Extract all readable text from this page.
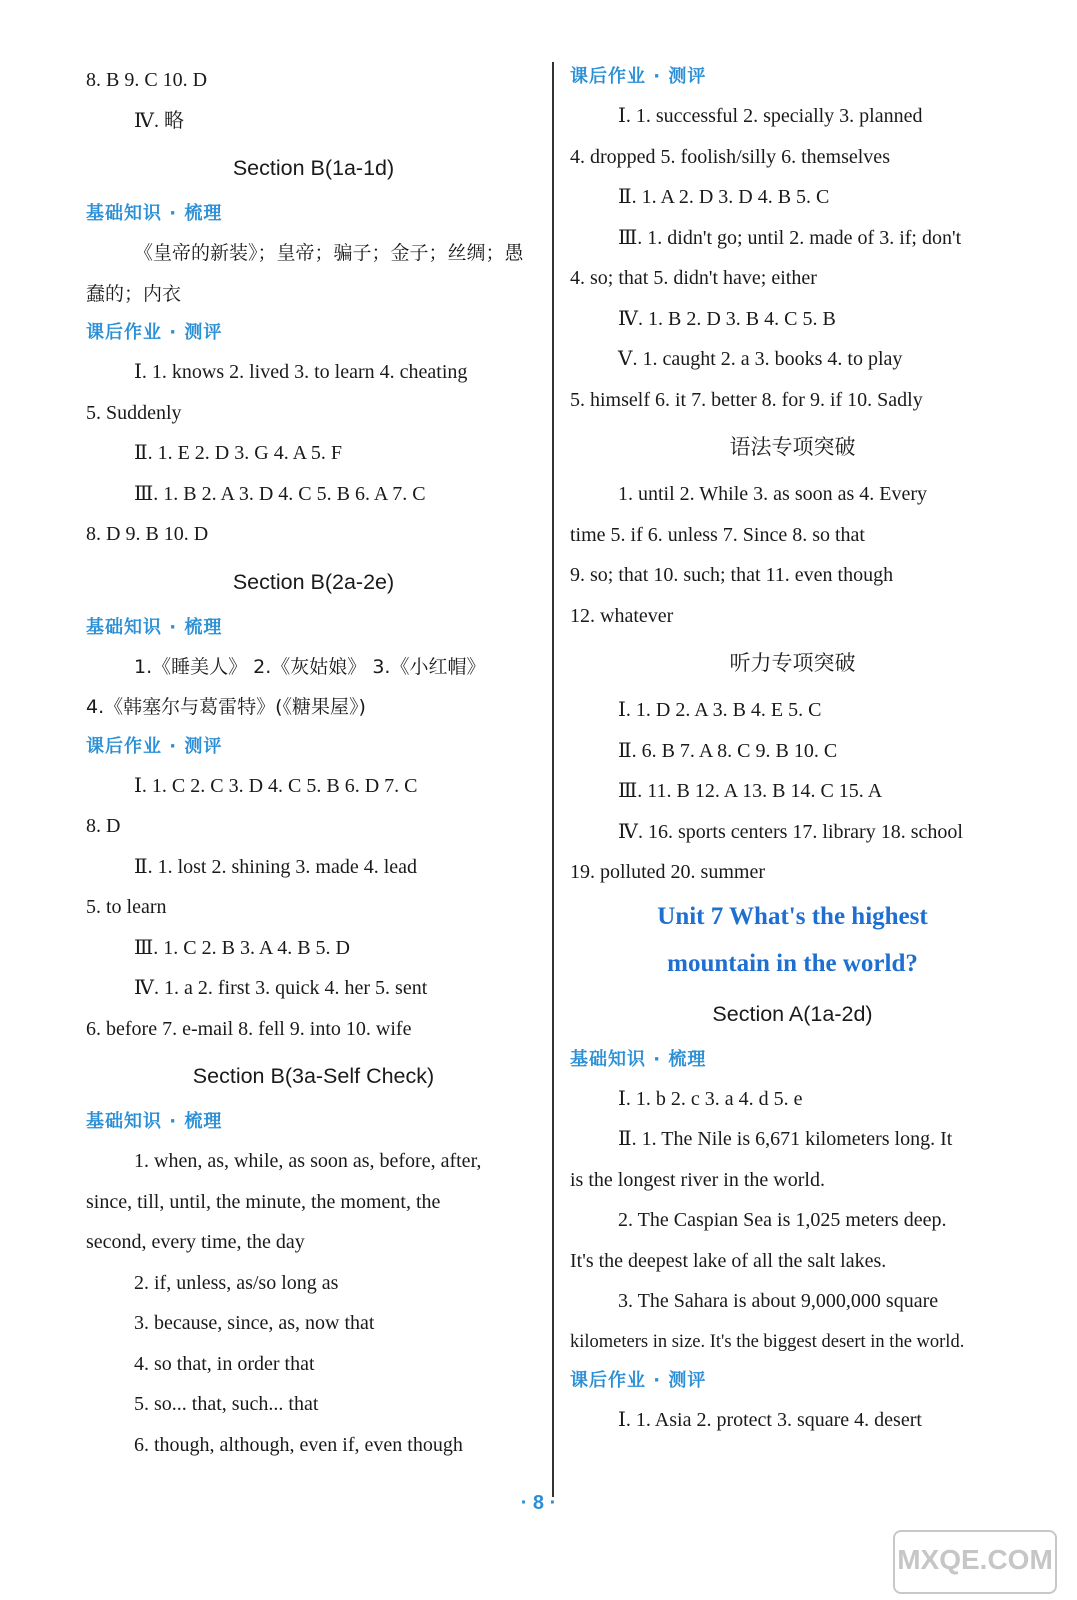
8. B 9. C 10. D
Ⅳ. 略
Section B(1a-1d)
基础知识 · 梳理
《皇帝的新装》；皇帝；骗子；金子；丝绸；愚
蠢的；内衣
课后作业 · 测评
Ⅰ. 1. knows 2. lived 3. to learn 4. cheating
5. Suddenly
Ⅱ. 1. E 2. D 3. G 4. A 5. F
Ⅲ. 1. B 2. A 3. D 4. C 5. B 6. A 7. C
8. D 9. B 10. D
Section B(2a-2e)
基础知识 · 梳理
1.《睡美人》 2.《灰姑娘》 3.《小红帽》
4.《韩塞尔与葛雷特》(《糖果屋》)
课后作业 · 测评
Ⅰ. 1. C 2. C 3. D 4. C 5. B 6. D 7. C
8. D
Ⅱ. 1. lost 2. shining 3. made 4. lead
5. to learn
Ⅲ. 1. C 2. B 3. A 4. B 5. D
Ⅳ. 1. a 2. first 3. quick 4. her 5. sent
6. before 7. e-mail 8. fell 9. into 10. wife
Section B(3a-Self Check)
基础知识 · 梳理
1. when, as, while, as soon as, before, after,
since, till, until, the minute, the moment, the
second, every time, the day
2. if, unless, as/so long as
3. because, since, as, now that
4. so that, in order that
5. so... that, such... that
6. though, although, even if, even though
课后作业 · 测评
Ⅰ. 1. successful 2. specially 3. planned
4. dropped 5. foolish/silly 6. themselves
Ⅱ. 1. A 2. D 3. D 4. B 5. C
Ⅲ. 1. didn't go; until 2. made of 3. if; don't
4. so; that 5. didn't have; either
Ⅳ. 1. B 2. D 3. B 4. C 5. B
Ⅴ. 1. caught 2. a 3. books 4. to play
5. himself 6. it 7. better 8. for 9. if 10. Sadly
语法专项突破
1. until 2. While 3. as soon as 4. Every
time 5. if 6. unless 7. Since 8. so that
9. so; that 10. such; that 11. even though
12. whatever
听力专项突破
Ⅰ. 1. D 2. A 3. B 4. E 5. C
Ⅱ. 6. B 7. A 8. C 9. B 10. C
Ⅲ. 11. B 12. A 13. B 14. C 15. A
Ⅳ. 16. sports centers 17. library 18. school
19. polluted 20. summer
Unit 7 What's the highest
mountain in the world?
Section A(1a-2d)
基础知识 · 梳理
Ⅰ. 1. b 2. c 3. a 4. d 5. e
Ⅱ. 1. The Nile is 6,671 kilometers long. It
is the longest river in the world.
2. The Caspian Sea is 1,025 meters deep.
It's the deepest lake of all the salt lakes.
3. The Sahara is about 9,000,000 square
kilometers in size. It's the biggest desert in the world.
课后作业 · 测评
Ⅰ. 1. Asia 2. protect 3. square 4. desert
· 8 ·
MXQE.COM
